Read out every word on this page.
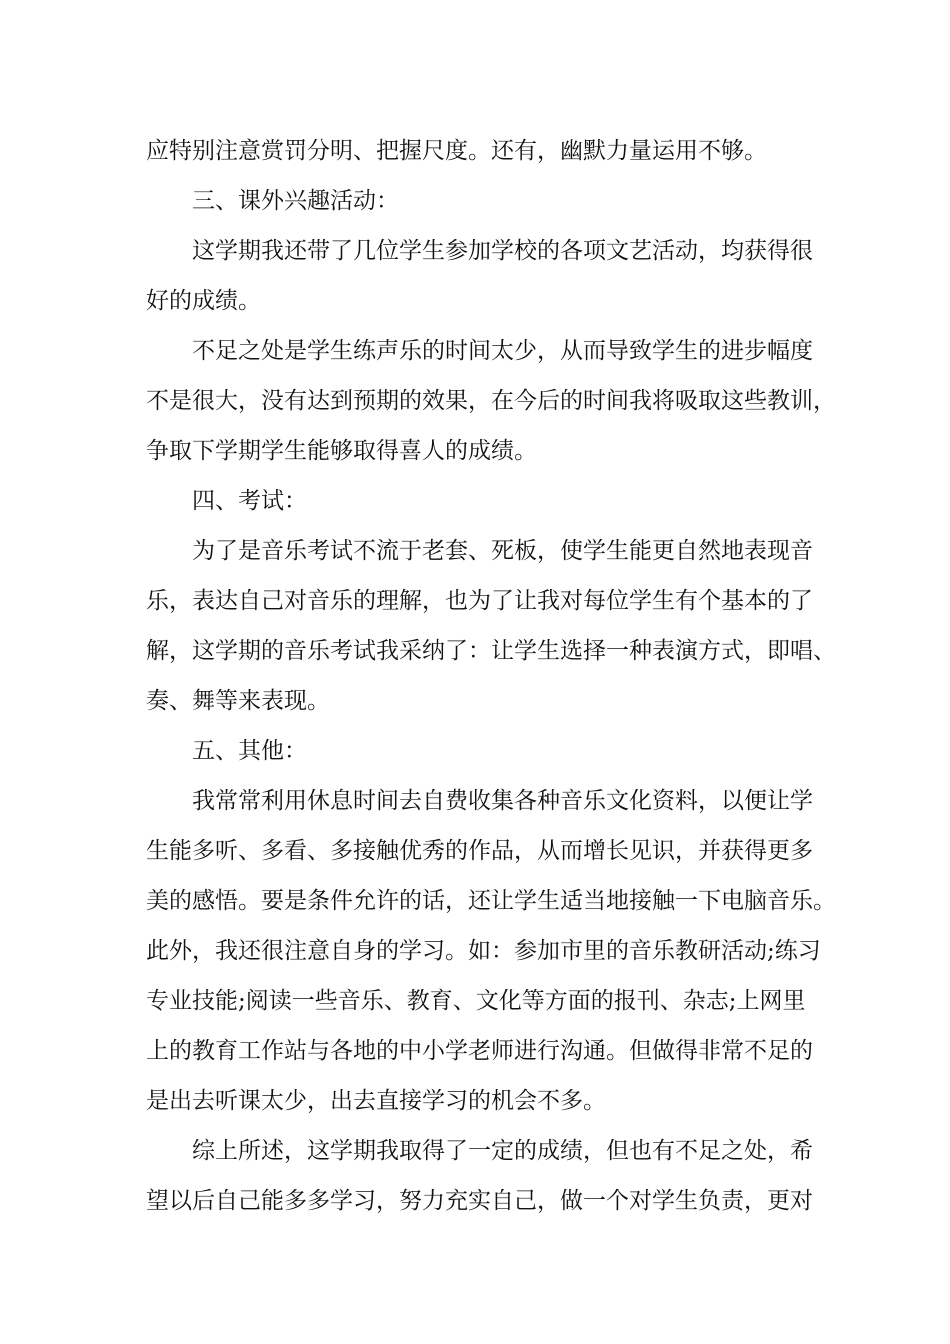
应特别注意赏罚分明、把握尺度。还有，幽默力量运用不够。
三、课外兴趣活动：
这学期我还带了几位学生参加学校的各项文艺活动，均获得很
好的成绩。
不足之处是学生练声乐的时间太少，从而导致学生的进步幅度
不是很大，没有达到预期的效果，在今后的时间我将吸取这些教训，
争取下学期学生能够取得喜人的成绩。
四、考试：
为了是音乐考试不流于老套、死板，使学生能更自然地表现音
乐，表达自己对音乐的理解，也为了让我对每位学生有个基本的了
解，这学期的音乐考试我采纳了：让学生选择一种表演方式，即唱、
奏、舞等来表现。
五、其他：
我常常利用休息时间去自费收集各种音乐文化资料，以便让学
生能多听、多看、多接触优秀的作品，从而增长见识，并获得更多
美的感悟。要是条件允许的话，还让学生适当地接触一下电脑音乐。
此外，我还很注意自身的学习。如：参加市里的音乐教研活动;练习
专业技能;阅读一些音乐、教育、文化等方面的报刊、杂志;上网里
上的教育工作站与各地的中小学老师进行沟通。但做得非常不足的
是出去听课太少，出去直接学习的机会不多。
综上所述，这学期我取得了一定的成绩，但也有不足之处，希
望以后自己能多多学习，努力充实自己，做一个对学生负责，更对
